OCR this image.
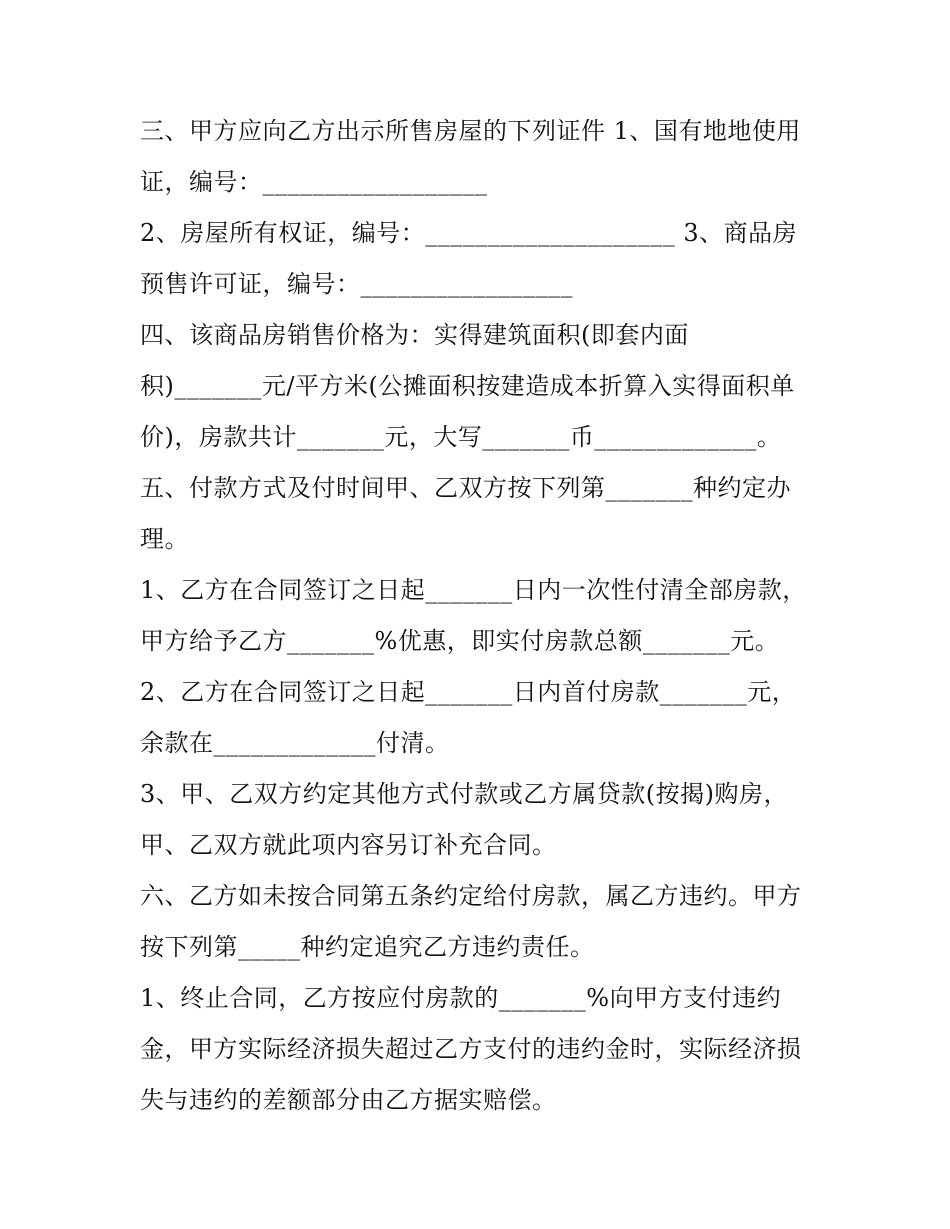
三、甲方应向乙方出示所售房屋的下列证件 1、国有地地使用
证，编号：__________________
2、房屋所有权证，编号：____________________ 3、商品房
预售许可证，编号：_________________
四、该商品房销售价格为：实得建筑面积(即套内面
积)_______元/平方米(公摊面积按建造成本折算入实得面积单
价)，房款共计_______元，大写_______币_____________。
五、付款方式及付时间甲、乙双方按下列第_______种约定办
理。
1、乙方在合同签订之日起_______日内一次性付清全部房款，
甲方给予乙方_______%优惠，即实付房款总额_______元。
2、乙方在合同签订之日起_______日内首付房款_______元，
余款在_____________付清。
3、甲、乙双方约定其他方式付款或乙方属贷款(按揭)购房，
甲、乙双方就此项内容另订补充合同。
六、乙方如未按合同第五条约定给付房款，属乙方违约。甲方
按下列第_____种约定追究乙方违约责任。
1、终止合同，乙方按应付房款的_______%向甲方支付违约
金，甲方实际经济损失超过乙方支付的违约金时，实际经济损
失与违约的差额部分由乙方据实赔偿。
